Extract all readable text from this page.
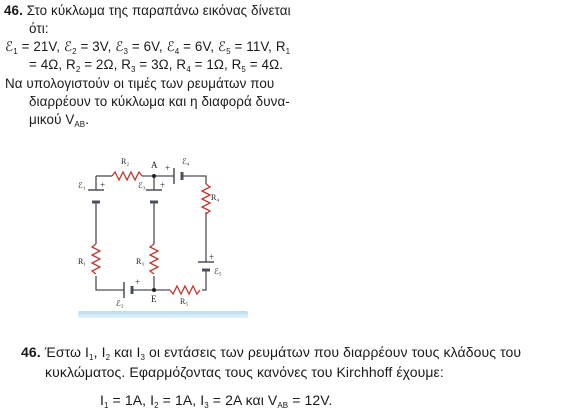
46. Στο κύκλωμα της παραπάνω εικόνας δίνεται
ότι:
ℰ$_1$ = 21V, ℰ$_2$ = 3V, ℰ$_3$ = 6V, ℰ$_4$ = 6V, ℰ$_5$ = 11V, $R_1$
= 4Ω, $R_2 = 2\Omega$, $R_3 = 3\Omega$, $R_4 = 1\Omega$, $R_5 = 4\Omega$.
Να υπολογιστούν οι τιμές των ρευμάτων που
διαρρέουν το κύκλωμα και η διαφορά δυνα-
μικού $V_{AB}$.
R₂ A +
ℰ₄
ℰ₁ +	ℰ₃ +
R₄
R₁	R₃	+
ℰ₅
+
ℰ₂	E	R₅
46. Έστω $I_1$, $I_2$ και $I_3$ οι εντάσεις των ρευμάτων που διαρρέουν τους κλάδους του
κυκλώματος. Εφαρμόζοντας τους κανόνες του Kirchhoff έχουμε:
$I_1 = 1A$, $I_2 = 1A$, $I_3 = 2A$ και $V_{AB} = 12V$.
